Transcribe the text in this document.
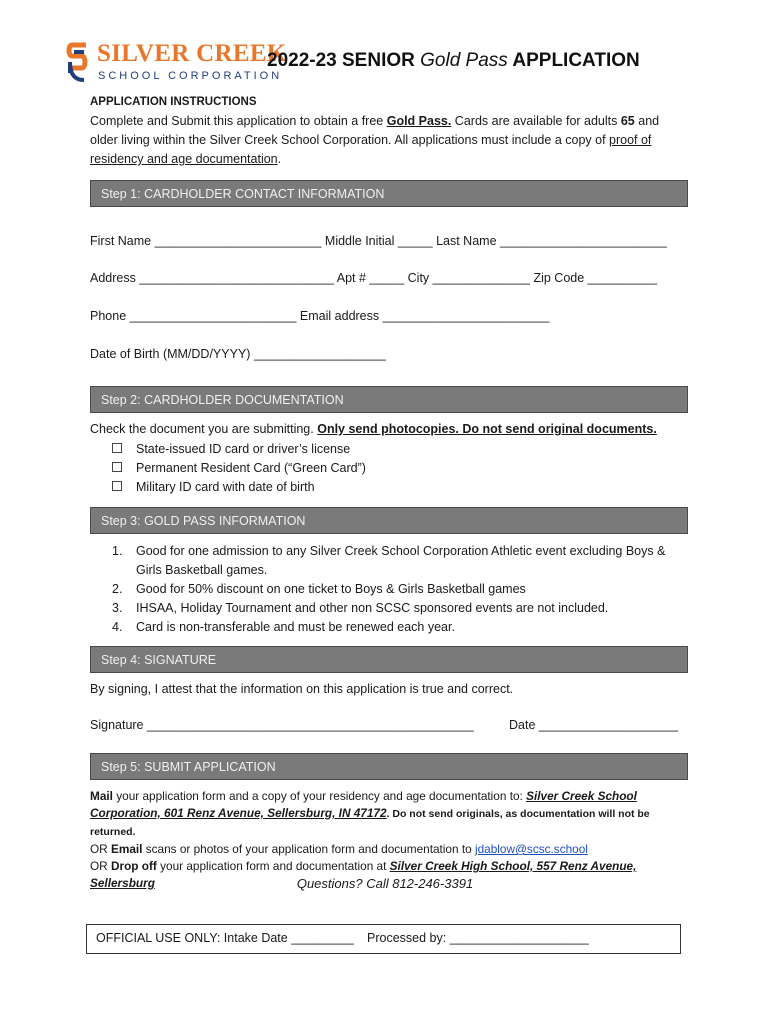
SILVER CREEK
SCHOOL CORPORATION
2022-23 SENIOR Gold Pass APPLICATION
APPLICATION INSTRUCTIONS
Complete and Submit this application to obtain a free Gold Pass. Cards are available for adults 65 and older living within the Silver Creek School Corporation. All applications must include a copy of proof of residency and age documentation.
Step 1: CARDHOLDER CONTACT INFORMATION
First Name ________________________ Middle Initial _____ Last Name ________________________
Address ____________________________ Apt # _____ City ______________ Zip Code __________
Phone ________________________ Email address ________________________
Date of Birth (MM/DD/YYYY) ___________________
Step 2: CARDHOLDER DOCUMENTATION
Check the document you are submitting. Only send photocopies. Do not send original documents.
State-issued ID card or driver’s license
Permanent Resident Card (“Green Card”)
Military ID card with date of birth
Step 3: GOLD PASS INFORMATION
1.	Good for one admission to any Silver Creek School Corporation Athletic event excluding Boys & Girls Basketball games.
2.	Good for 50% discount on one ticket to Boys & Girls Basketball games
3.	IHSAA, Holiday Tournament and other non SCSC sponsored events are not included.
4.	Card is non-transferable and must be renewed each year.
Step 4: SIGNATURE
By signing, I attest that the information on this application is true and correct.
Signature _______________________________________________	Date ____________________
Step 5: SUBMIT APPLICATION
Mail your application form and a copy of your residency and age documentation to: Silver Creek School Corporation, 601 Renz Avenue, Sellersburg, IN 47172. Do not send originals, as documentation will not be returned.
OR Email scans or photos of your application form and documentation to jdablow@scsc.school
OR Drop off your application form and documentation at Silver Creek High School, 557 Renz Avenue, Sellersburg	Questions? Call 812-246-3391
OFFICIAL USE ONLY: Intake Date _________ Processed by: ____________________
